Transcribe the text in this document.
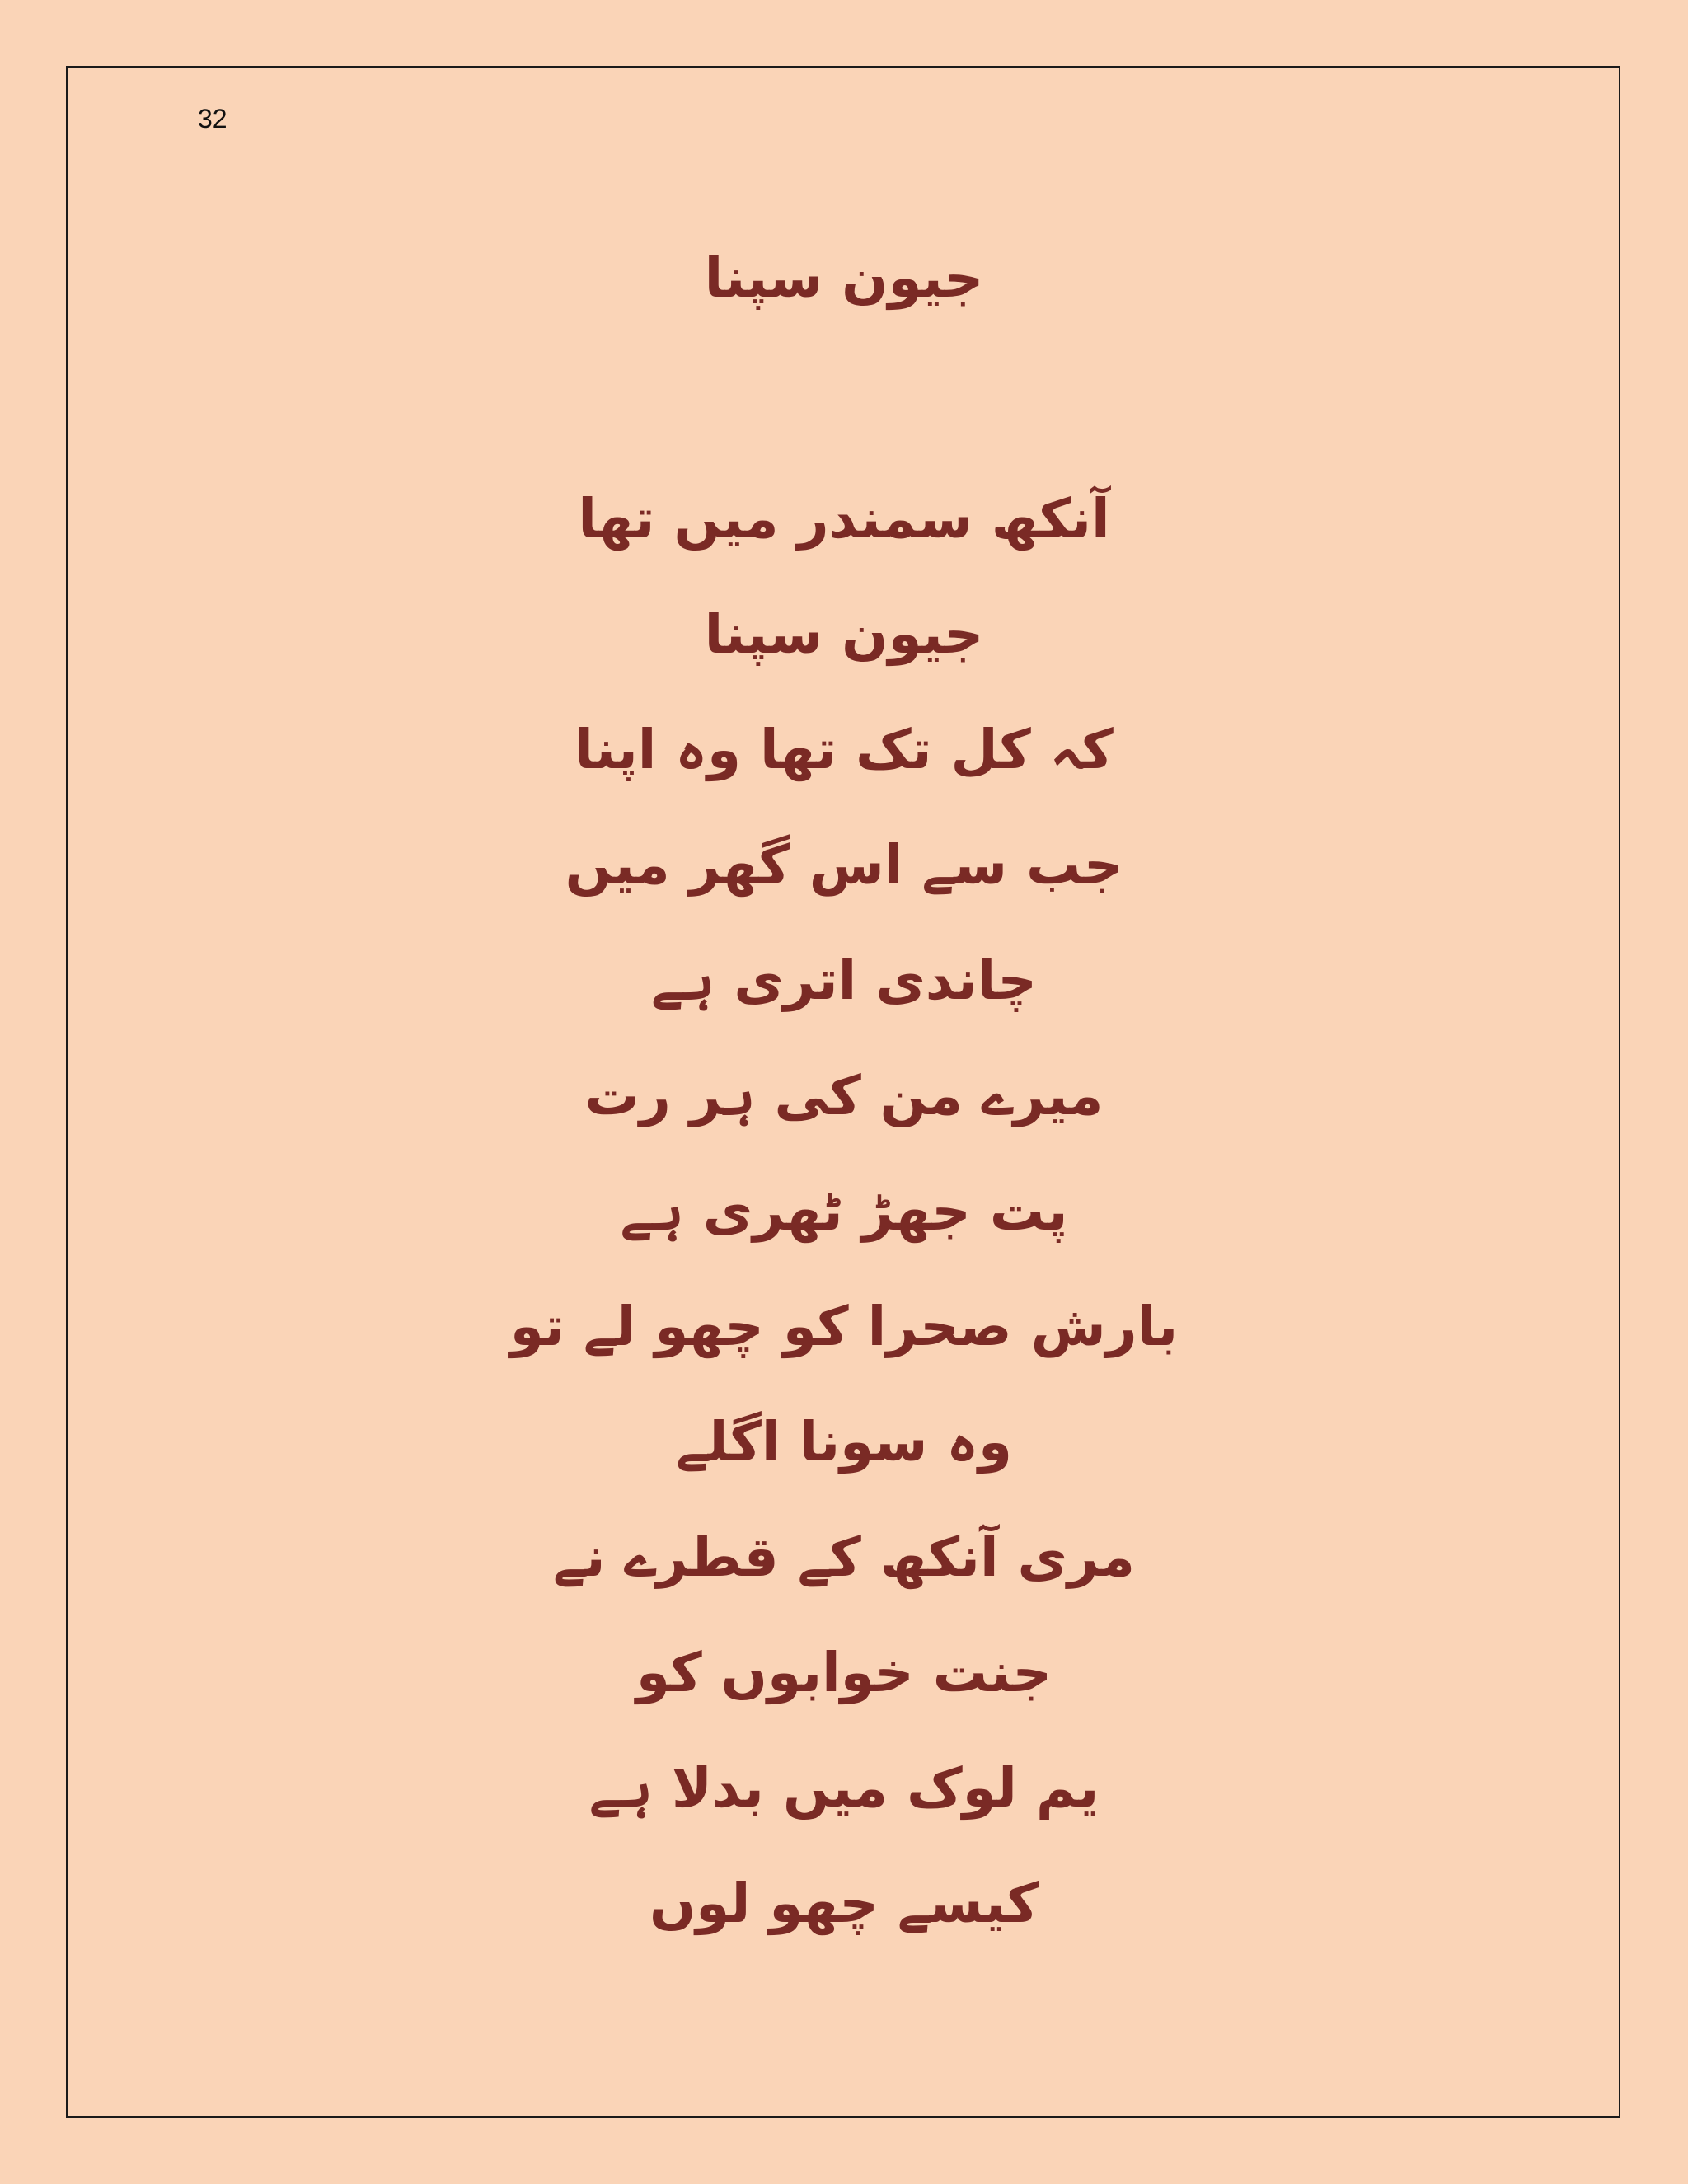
32
جیون سپنا
آنکھ سمندر میں تھا
جیون سپنا
کہ کل تک تھا وہ اپنا
جب سے اس گھر میں
چاندی اتری ہے
میرے من کی ہر رت
پت جھڑ ٹھری ہے
بارش صحرا کو چھو لے تو
وہ سونا اگلے
مری آنکھ کے قطرے نے
جنت خوابوں کو
یم لوک میں بدلا ہے
کیسے چھو لوں
